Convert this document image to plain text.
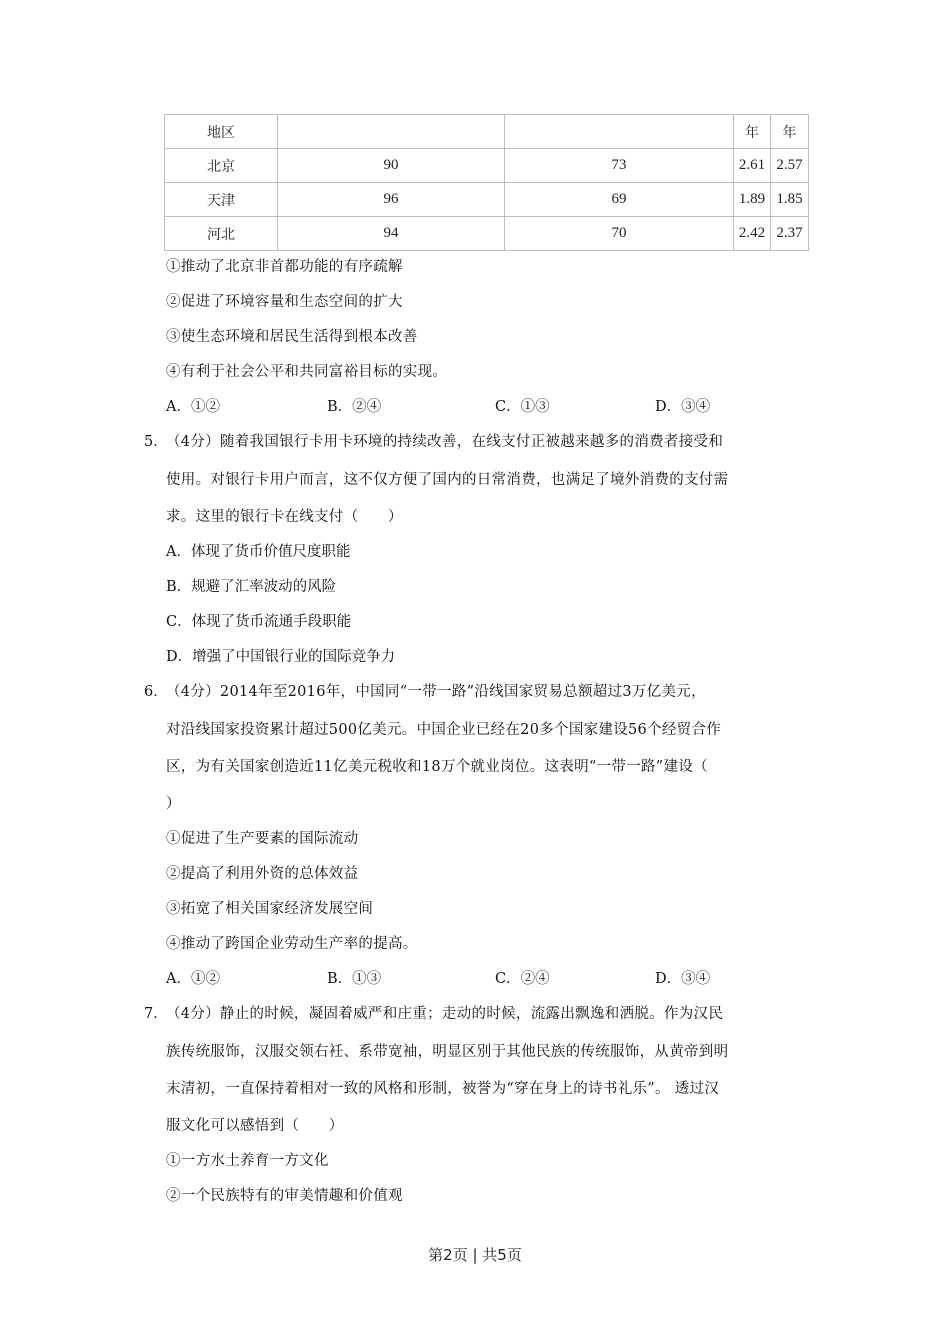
地区			年	年
北京	90	73	2.61	2.57
天津	96	69	1.89	1.85
河北	94	70	2.42	2.37
①推动了北京非首都功能的有序疏解
②促进了环境容量和生态空间的扩大
③使生态环境和居民生活得到根本改善
④有利于社会公平和共同富裕目标的实现。
A．①②	B．②④	C．①③	D．③④
5．
（4分）随着我国银行卡用卡环境的持续改善，在线支付正被越来越多的消费者接受和
使用。对银行卡用户而言，这不仅方便了国内的日常消费，也满足了境外消费的支付需
求。这里的银行卡在线支付（　　）
A．体现了货币价值尺度职能
B．规避了汇率波动的风险
C．体现了货币流通手段职能
D．增强了中国银行业的国际竞争力
6．
（4分）2014年至2016年，中国同“一带一路”沿线国家贸易总额超过3万亿美元，
对沿线国家投资累计超过500亿美元。中国企业已经在20多个国家建设56个经贸合作
区，为有关国家创造近11亿美元税收和18万个就业岗位。这表明“一带一路”建设（
）
①促进了生产要素的国际流动
②提高了利用外资的总体效益
③拓宽了相关国家经济发展空间
④推动了跨国企业劳动生产率的提高。
A．①②	B．①③	C．②④	D．③④
7．
（4分）静止的时候，凝固着威严和庄重；走动的时候，流露出飘逸和洒脱。作为汉民
族传统服饰，汉服交领右衽、系带宽袖，明显区别于其他民族的传统服饰，从黄帝到明
末清初，一直保持着相对一致的风格和形制，被誉为“穿在身上的诗书礼乐”。 透过汉
服文化可以感悟到（　　）
①一方水土养育一方文化
②一个民族特有的审美情趣和价值观
第2页 | 共5页
